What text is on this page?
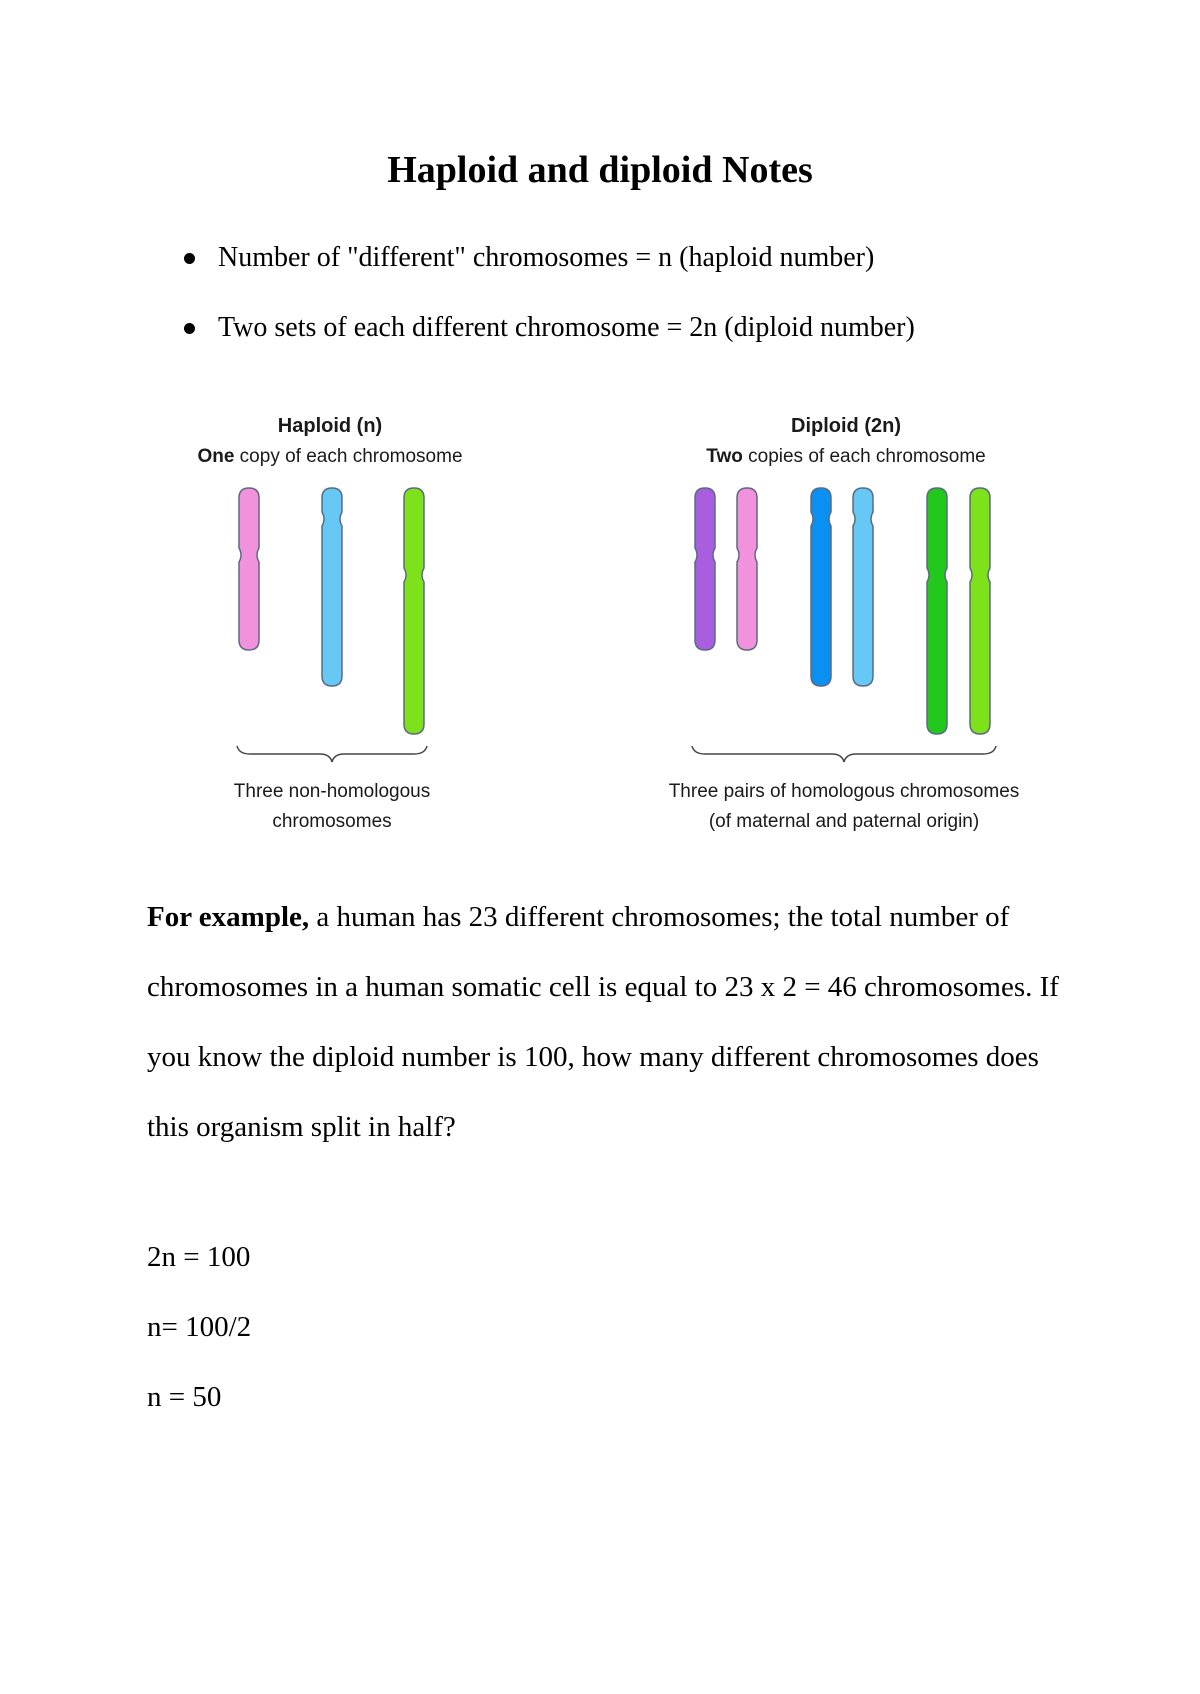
Haploid and diploid Notes
Number of "different" chromosomes = n (haploid number)
Two sets of each different chromosome = 2n (diploid number)
Haploid (n)
One copy of each chromosome
Diploid (2n)
Two copies of each chromosome
Three non-homologous
chromosomes
Three pairs of homologous chromosomes
(of maternal and paternal origin)

For example, a human has 23 different chromosomes; the total number of chromosomes in a human somatic cell is equal to 23 x 2 = 46 chromosomes. If you know the diploid number is 100, how many different chromosomes does this organism split in half?

2n = 100

n= 100/2

n = 50
